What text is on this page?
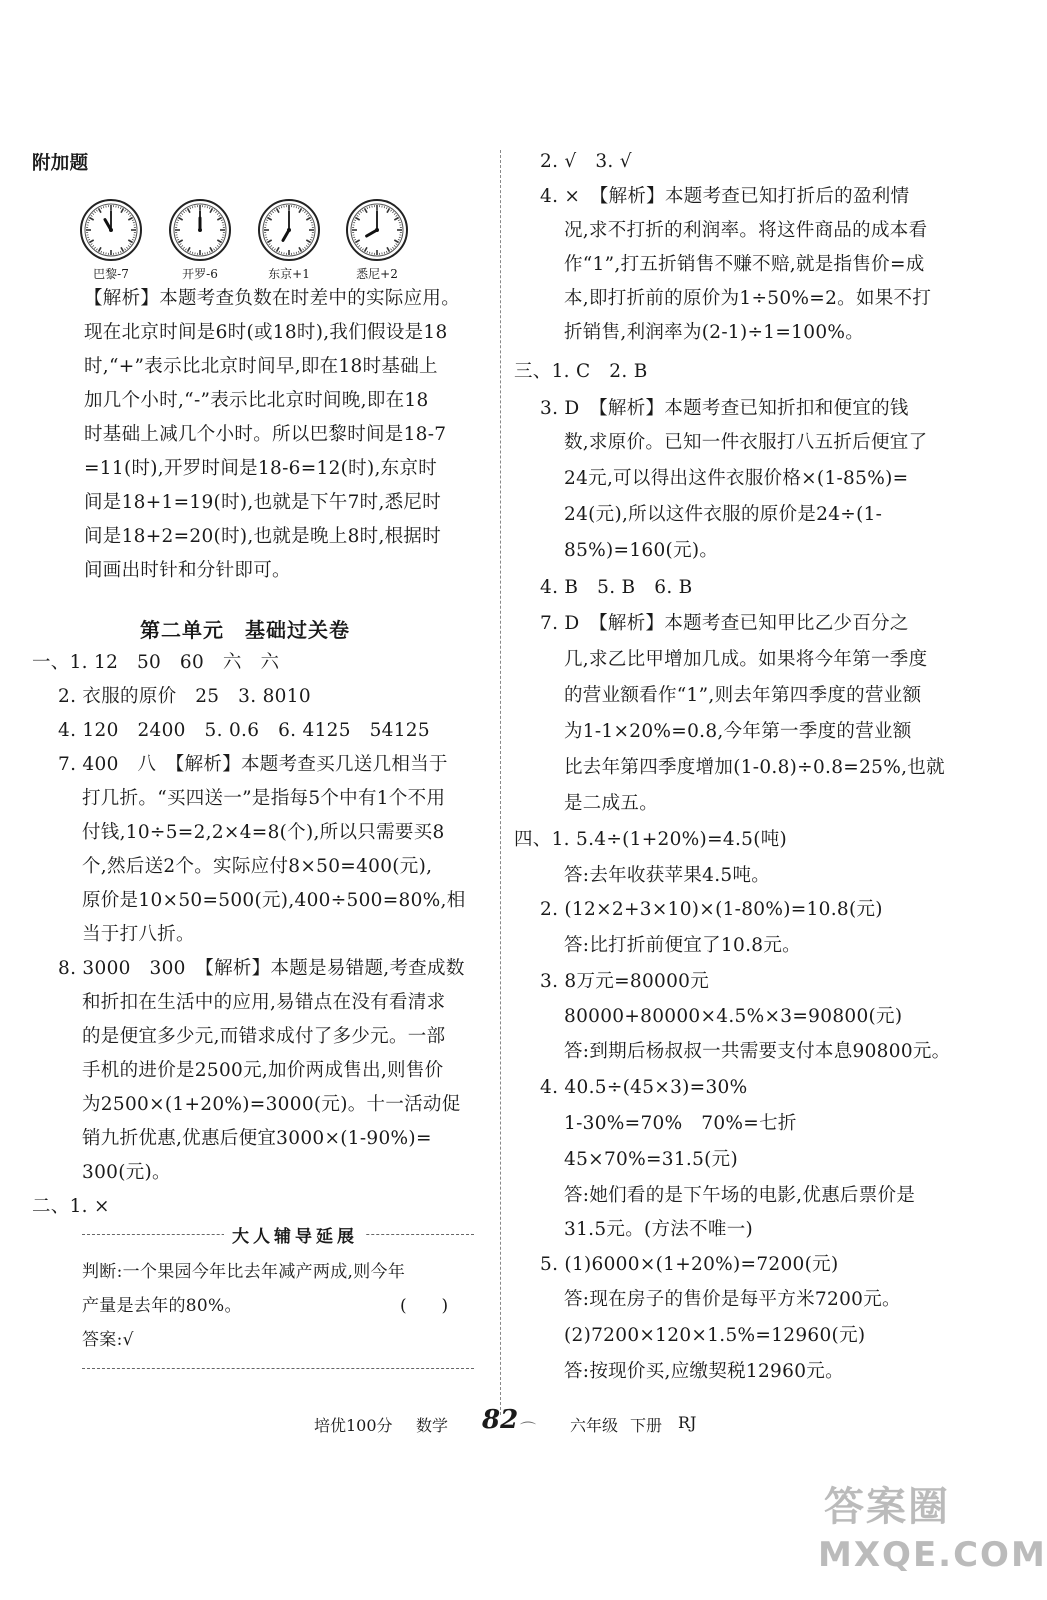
附加题
巴黎-7	开罗-6	东京+1	悉尼+2
【解析】本题考查负数在时差中的实际应用。
现在北京时间是6时(或18时),我们假设是18
时,“+”表示比北京时间早,即在18时基础上
加几个小时,“-”表示比北京时间晚,即在18
时基础上减几个小时。所以巴黎时间是18-7
=11(时),开罗时间是18-6=12(时),东京时
间是18+1=19(时),也就是下午7时,悉尼时
间是18+2=20(时),也就是晚上8时,根据时
间画出时针和分针即可。
第二单元　基础过关卷
一、1. 12　50　60　六　六
2. 衣服的原价　25　3. 8010
4. 120　2400　5. 0.6　6. 4125　54125
7. 400　八　【解析】本题考查买几送几相当于
打几折。“买四送一”是指每5个中有1个不用
付钱,10÷5=2,2×4=8(个),所以只需要买8
个,然后送2个。实际应付8×50=400(元),
原价是10×50=500(元),400÷500=80%,相
当于打八折。
8. 3000　300　【解析】本题是易错题,考查成数
和折扣在生活中的应用,易错点在没有看清求
的是便宜多少元,而错求成付了多少元。一部
手机的进价是2500元,加价两成售出,则售价
为2500×(1+20%)=3000(元)。十一活动促
销九折优惠,优惠后便宜3000×(1-90%)=
300(元)。
二、1. ×
大人辅导延展
判断:一个果园今年比去年减产两成,则今年
产量是去年的80%。	(　　)
答案:√
2. √　3. √
4. ×　【解析】本题考查已知打折后的盈利情
况,求不打折的利润率。将这件商品的成本看
作“1”,打五折销售不赚不赔,就是指售价=成
本,即打折前的原价为1÷50%=2。如果不打
折销售,利润率为(2-1)÷1=100%。
三、1. C　2. B
3. D　【解析】本题考查已知折扣和便宜的钱
数,求原价。已知一件衣服打八五折后便宜了
24元,可以得出这件衣服价格×(1-85%)=
24(元),所以这件衣服的原价是24÷(1-
85%)=160(元)。
4. B　5. B　6. B
7. D　【解析】本题考查已知甲比乙少百分之
几,求乙比甲增加几成。如果将今年第一季度
的营业额看作“1”,则去年第四季度的营业额
为1-1×20%=0.8,今年第一季度的营业额
比去年第四季度增加(1-0.8)÷0.8=25%,也就
是二成五。
四、1. 5.4÷(1+20%)=4.5(吨)
答:去年收获苹果4.5吨。
2. (12×2+3×10)×(1-80%)=10.8(元)
答:比打折前便宜了10.8元。
3. 8万元=80000元
80000+80000×4.5%×3=90800(元)
答:到期后杨叔叔一共需要支付本息90800元。
4. 40.5÷(45×3)=30%
1-30%=70%　70%=七折
45×70%=31.5(元)
答:她们看的是下午场的电影,优惠后票价是
31.5元。(方法不唯一)
5. (1)6000×(1+20%)=7200(元)
答:现在房子的售价是每平方米7200元。
(2)7200×120×1.5%=12960(元)
答:按现价买,应缴契税12960元。
培优100分 数学 82 ⌒ 六年级 下册 RJ
答案圈
MXQE.COM
